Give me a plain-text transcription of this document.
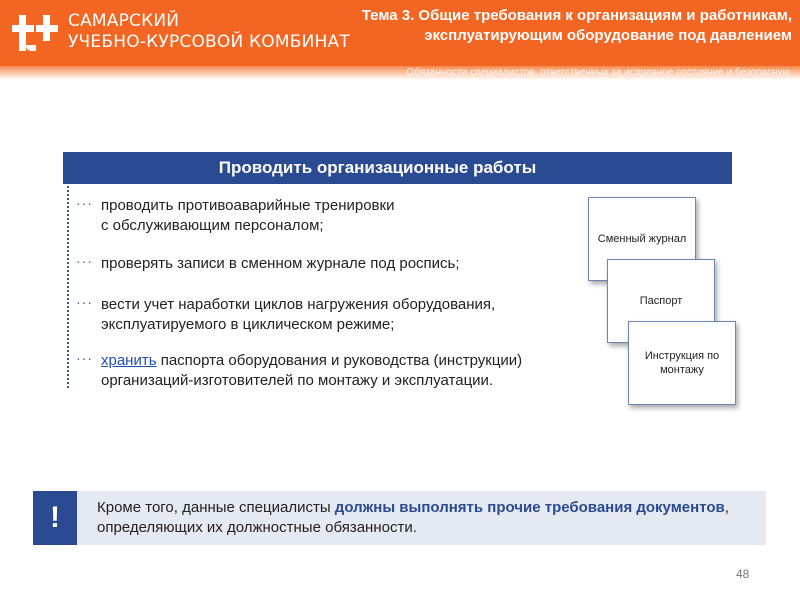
САМАРСКИЙ
УЧЕБНО-КУРСОВОЙ КОМБИНАТ
Тема 3. Общие требования к организациям и работникам, эксплуатирующим оборудование под давлением
Обязанности специалистов, ответственных за исправное состояние и безопасную
Проводить организационные работы
··· проводить противоаварийные тренировки
с обслуживающим персоналом;
··· проверять записи в сменном журнале под роспись;
··· вести учет наработки циклов нагружения оборудования,
эксплуатируемого в циклическом режиме;
··· хранить паспорта оборудования и руководства (инструкции)
организаций-изготовителей по монтажу и эксплуатации.
Сменный журнал
Паспорт
Инструкция по монтажу
!	Кроме того, данные специалисты должны выполнять прочие требования документов, определяющих их должностные обязанности.
48
